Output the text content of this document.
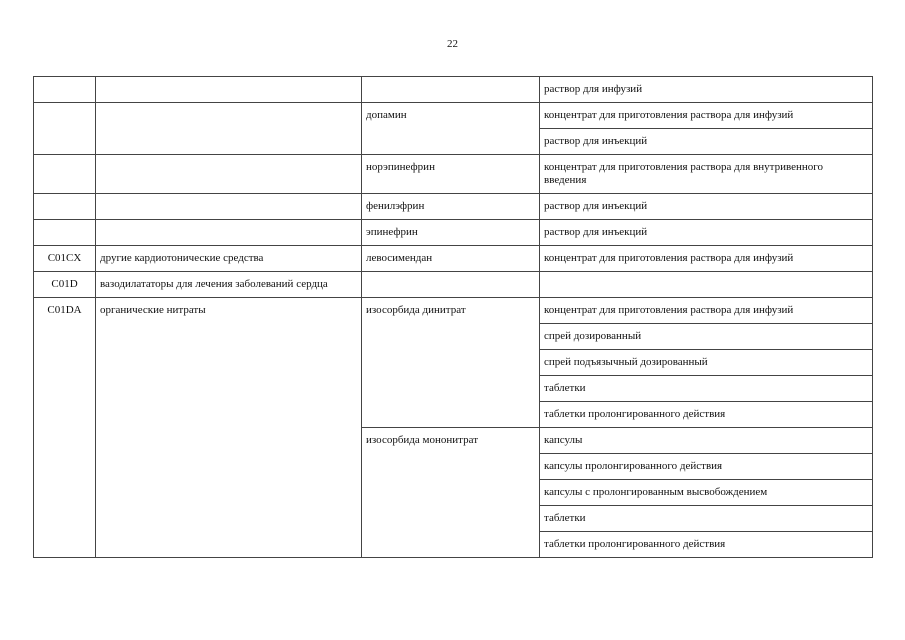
22
			раствор для инфузий
		допамин	концентрат для приготовления раствора для инфузий
			раствор для инъекций
		норэпинефрин	концентрат для приготовления раствора для внутривенного введения
		фенилэфрин	раствор для инъекций
		эпинефрин	раствор для инъекций
C01CX	другие кардиотонические средства	левосимендан	концентрат для приготовления раствора для инфузий
C01D	вазодилататоры для лечения заболеваний сердца		
C01DA	органические нитраты	изосорбида динитрат	концентрат для приготовления раствора для инфузий
			спрей дозированный
			спрей подъязычный дозированный
			таблетки
			таблетки пролонгированного действия
		изосорбида мононитрат	капсулы
			капсулы пролонгированного действия
			капсулы с пролонгированным высвобождением
			таблетки
			таблетки пролонгированного действия
